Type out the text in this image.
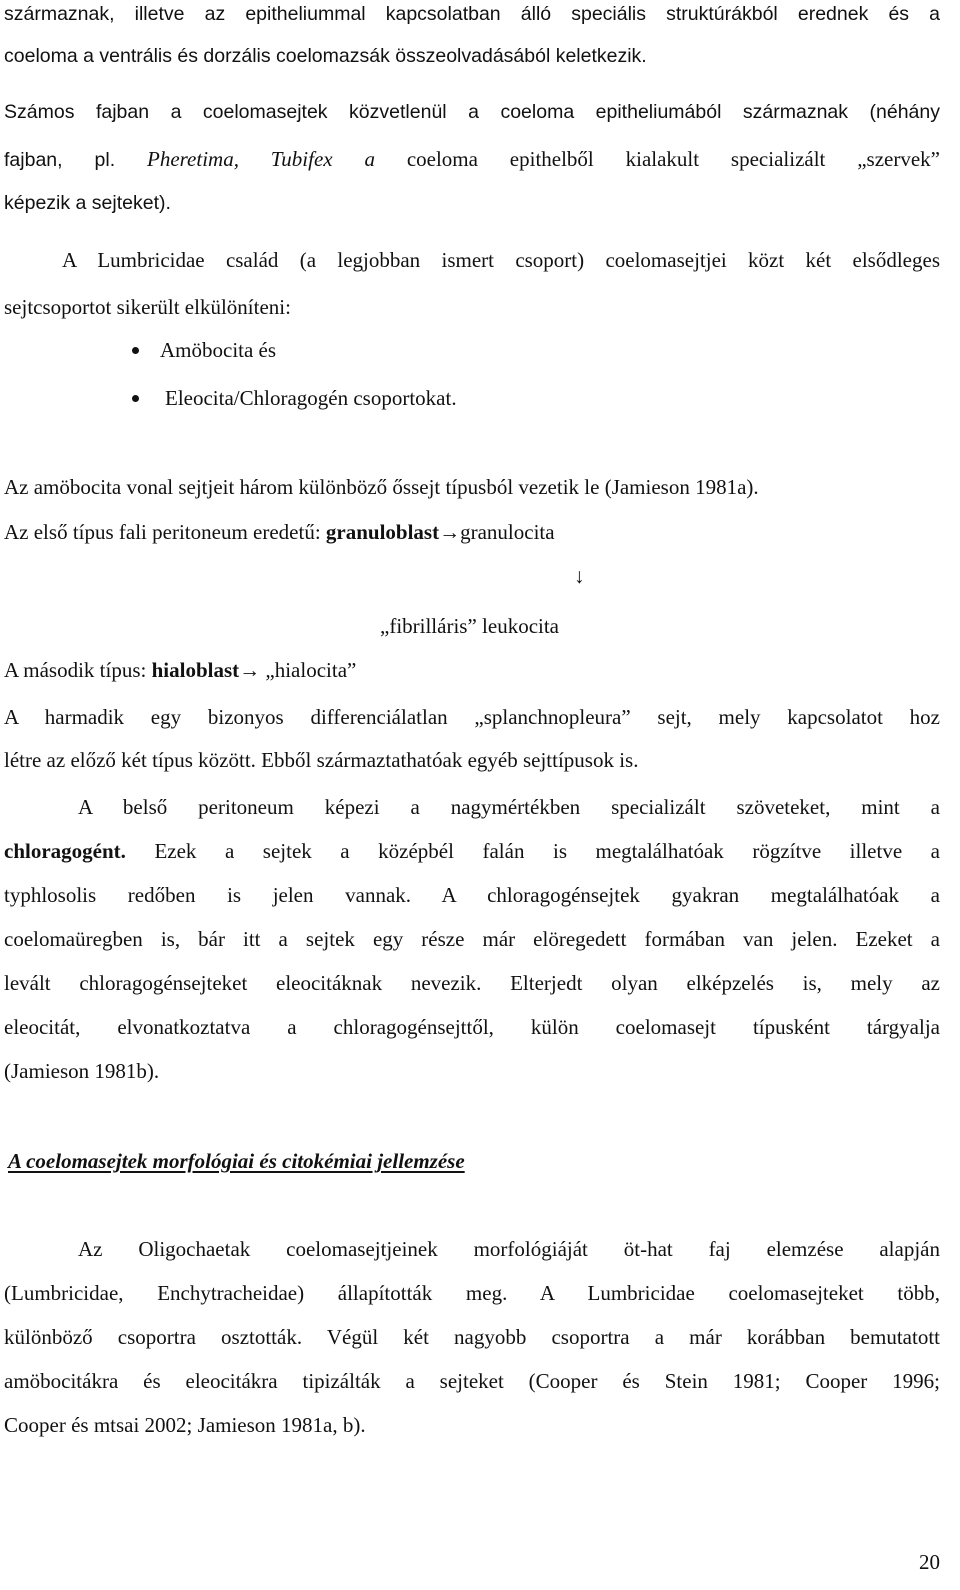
származnak, illetve az epitheliummal kapcsolatban álló speciális struktúrákból erednek és a
coeloma a ventrális és dorzális coelomazsák összeolvadásából keletkezik.
Számos fajban a coelomasejtek közvetlenül a coeloma epitheliumából származnak (néhány
fajban, pl. Pheretima, Tubifex a coeloma epithelből kialakult specializált „szervek”
képezik a sejteket).
A Lumbricidae család (a legjobban ismert csoport) coelomasejtjei közt két elsődleges
sejtcsoportot sikerült elkülöníteni:
Amöbocita és
Eleocita/Chloragogén csoportokat.
Az amöbocita vonal sejtjeit három különböző őssejt típusból vezetik le (Jamieson 1981a).
Az első típus fali peritoneum eredetű: granuloblast→granulocita
↓
„fibrilláris” leukocita
A második típus: hialoblast→ „hialocita”
A harmadik egy bizonyos differenciálatlan „splanchnopleura” sejt, mely kapcsolatot hoz
létre az előző két típus között. Ebből származtathatóak egyéb sejttípusok is.
A belső peritoneum képezi a nagymértékben specializált szöveteket, mint a
chloragogént. Ezek a sejtek a középbél falán is megtalálhatóak rögzítve illetve a
typhlosolis redőben is jelen vannak. A chloragogénsejtek gyakran megtalálhatóak a
coelomaüregben is, bár itt a sejtek egy része már elöregedett formában van jelen. Ezeket a
levált chloragogénsejteket eleocitáknak nevezik. Elterjedt olyan elképzelés is, mely az
eleocitát, elvonatkoztatva a chloragogénsejttől, külön coelomasejt típusként tárgyalja
(Jamieson 1981b).
A coelomasejtek morfológiai és citokémiai jellemzése
Az Oligochaetak coelomasejtjeinek morfológiáját öt-hat faj elemzése alapján
(Lumbricidae, Enchytracheidae) állapították meg. A Lumbricidae coelomasejteket több,
különböző csoportra osztották. Végül két nagyobb csoportra a már korábban bemutatott
amöbocitákra és eleocitákra tipizálták a sejteket (Cooper és Stein 1981; Cooper 1996;
Cooper és mtsai 2002; Jamieson 1981a, b).
20
